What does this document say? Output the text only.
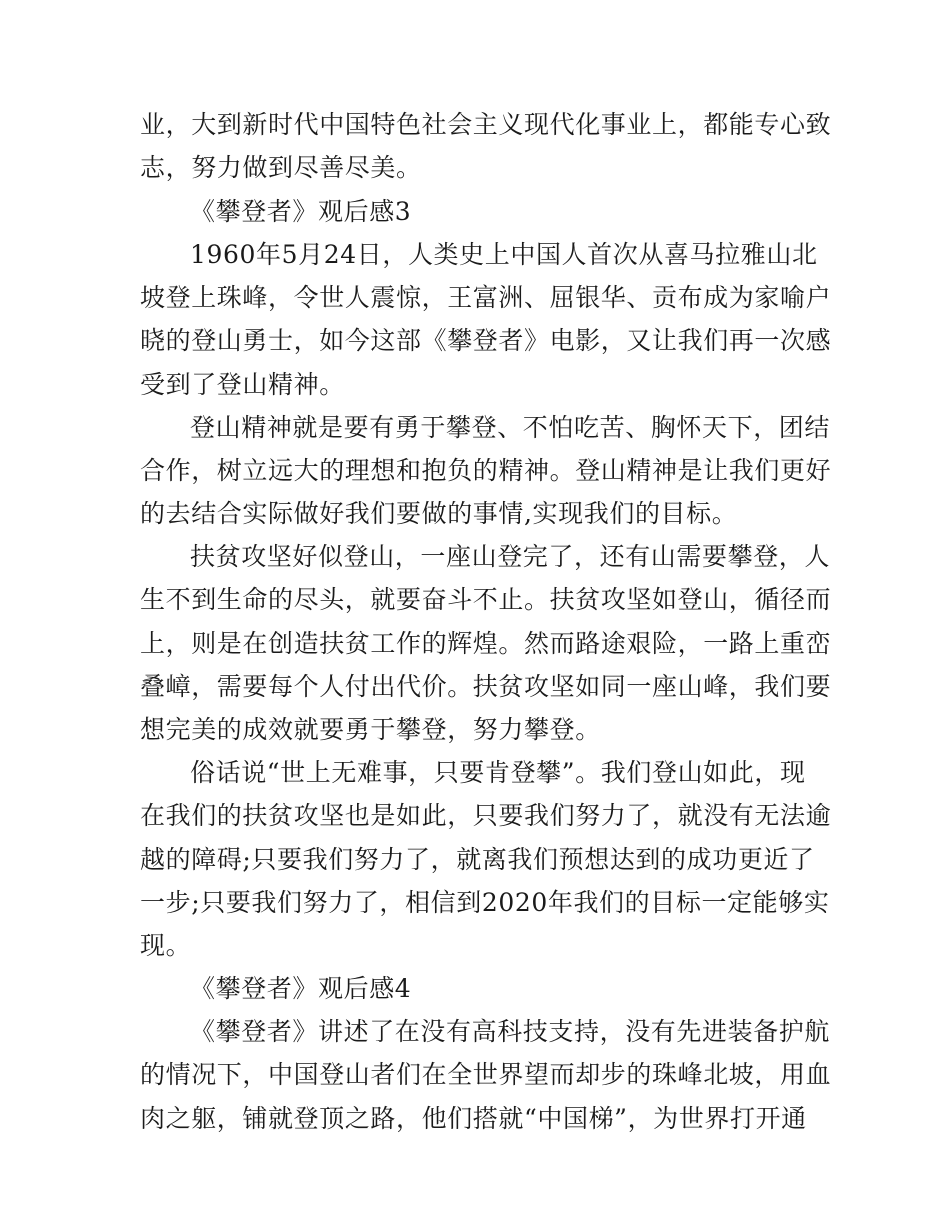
业，大到新时代中国特色社会主义现代化事业上，都能专心致
志，努力做到尽善尽美。
《攀登者》观后感3
1960年5月24日，人类史上中国人首次从喜马拉雅山北
坡登上珠峰，令世人震惊，王富洲、屈银华、贡布成为家喻户
晓的登山勇士，如今这部《攀登者》电影，又让我们再一次感
受到了登山精神。
登山精神就是要有勇于攀登、不怕吃苦、胸怀天下，团结
合作，树立远大的理想和抱负的精神。登山精神是让我们更好
的去结合实际做好我们要做的事情,实现我们的目标。
扶贫攻坚好似登山，一座山登完了，还有山需要攀登，人
生不到生命的尽头，就要奋斗不止。扶贫攻坚如登山，循径而
上，则是在创造扶贫工作的辉煌。然而路途艰险，一路上重峦
叠嶂，需要每个人付出代价。扶贫攻坚如同一座山峰，我们要
想完美的成效就要勇于攀登，努力攀登。
俗话说“世上无难事，只要肯登攀”。我们登山如此，现
在我们的扶贫攻坚也是如此，只要我们努力了，就没有无法逾
越的障碍;只要我们努力了，就离我们预想达到的成功更近了
一步;只要我们努力了，相信到2020年我们的目标一定能够实
现。
《攀登者》观后感4
《攀登者》讲述了在没有高科技支持，没有先进装备护航
的情况下，中国登山者们在全世界望而却步的珠峰北坡，用血
肉之躯，铺就登顶之路，他们搭就“中国梯”，为世界打开通
